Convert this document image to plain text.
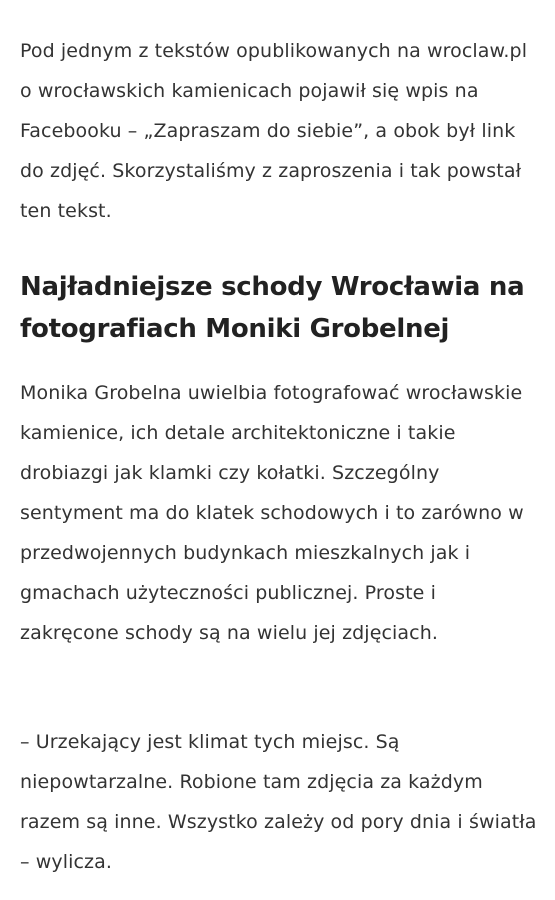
Pod jednym z tekstów opublikowanych na wroclaw.pl o wrocławskich kamienicach pojawił się wpis na Facebooku – „Zapraszam do siebie”, a obok był link do zdjęć. Skorzystaliśmy z zaproszenia i tak powstał ten tekst.

Najładniejsze schody Wrocławia na fotografiach Moniki Grobelnej

Monika Grobelna uwielbia fotografować wrocławskie kamienice, ich detale architektoniczne i takie drobiazgi jak klamki czy kołatki. Szczególny sentyment ma do klatek schodowych i to zarówno w przedwojennych budynkach mieszkalnych jak i gmachach użyteczności publicznej. Proste i zakręcone schody są na wielu jej zdjęciach.

– Urzekający jest klimat tych miejsc. Są niepowtarzalne. Robione tam zdjęcia za każdym razem są inne. Wszystko zależy od pory dnia i światła – wylicza.
